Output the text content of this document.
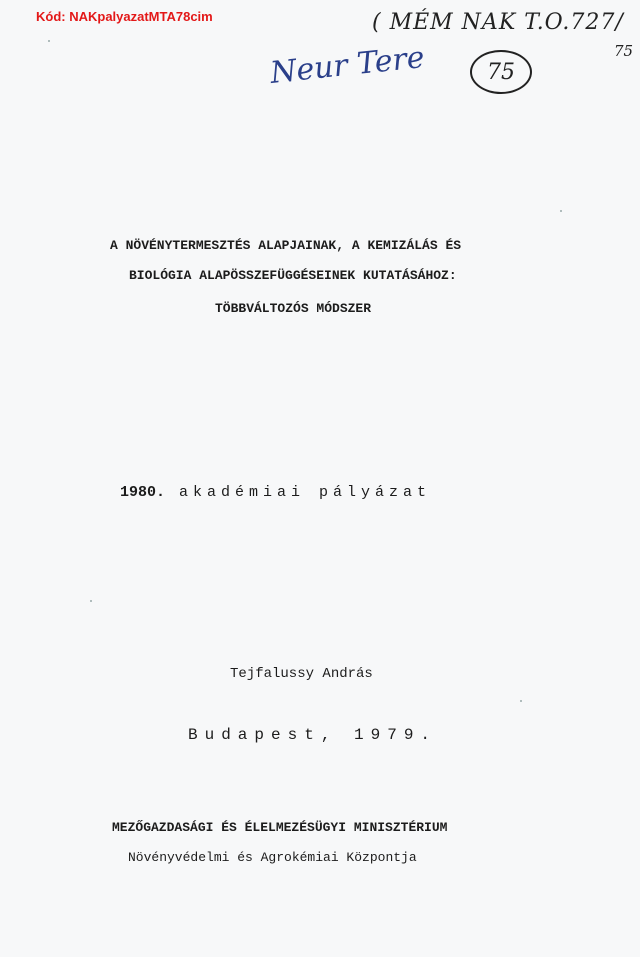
Kód: NAKpalyazatMTA78cim	( MÉM NAK T.O.727/
75
Neur Tere	75
A NÖVÉNYTERMESZTÉS ALAPJAINAK, A KEMIZÁLÁS ÉS
BIOLÓGIA ALAPÖSSZEFÜGGÉSEINEK KUTATÁSÁHOZ:
TÖBBVÁLTOZÓS MÓDSZER
1980. akadémiai pályázat
Tejfalussy András
Budapest, 1979.
MEZŐGAZDASÁGI ÉS ÉLELMEZÉSÜGYI MINISZTÉRIUM
Növényvédelmi és Agrokémiai Központja
